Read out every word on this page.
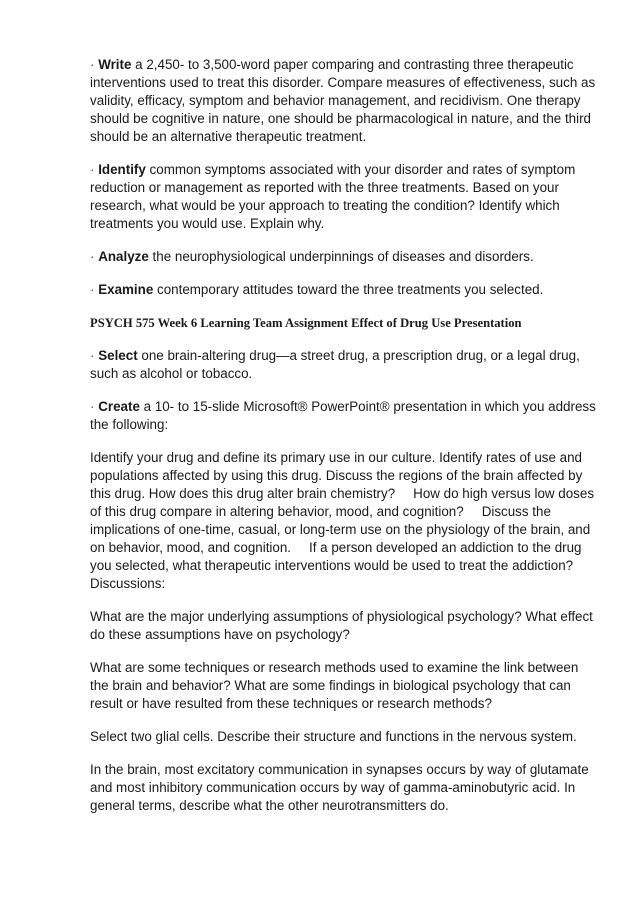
· Write a 2,450- to 3,500-word paper comparing and contrasting three therapeutic interventions used to treat this disorder. Compare measures of effectiveness, such as validity, efficacy, symptom and behavior management, and recidivism. One therapy should be cognitive in nature, one should be pharmacological in nature, and the third should be an alternative therapeutic treatment.

· Identify common symptoms associated with your disorder and rates of symptom reduction or management as reported with the three treatments. Based on your research, what would be your approach to treating the condition? Identify which treatments you would use. Explain why.

· Analyze the neurophysiological underpinnings of diseases and disorders.

· Examine contemporary attitudes toward the three treatments you selected.

PSYCH 575 Week 6 Learning Team Assignment Effect of Drug Use Presentation

· Select one brain-altering drug—a street drug, a prescription drug, or a legal drug, such as alcohol or tobacco.

· Create a 10- to 15-slide Microsoft® PowerPoint® presentation in which you address the following:

Identify your drug and define its primary use in our culture. Identify rates of use and populations affected by using this drug. Discuss the regions of the brain affected by this drug. How does this drug alter brain chemistry? How do high versus low doses of this drug compare in altering behavior, mood, and cognition? Discuss the implications of one-time, casual, or long-term use on the physiology of the brain, and on behavior, mood, and cognition. If a person developed an addiction to the drug you selected, what therapeutic interventions would be used to treat the addiction?

Discussions:

What are the major underlying assumptions of physiological psychology? What effect do these assumptions have on psychology?

What are some techniques or research methods used to examine the link between the brain and behavior? What are some findings in biological psychology that can result or have resulted from these techniques or research methods?

Select two glial cells. Describe their structure and functions in the nervous system.

In the brain, most excitatory communication in synapses occurs by way of glutamate and most inhibitory communication occurs by way of gamma-aminobutyric acid. In general terms, describe what the other neurotransmitters do.
